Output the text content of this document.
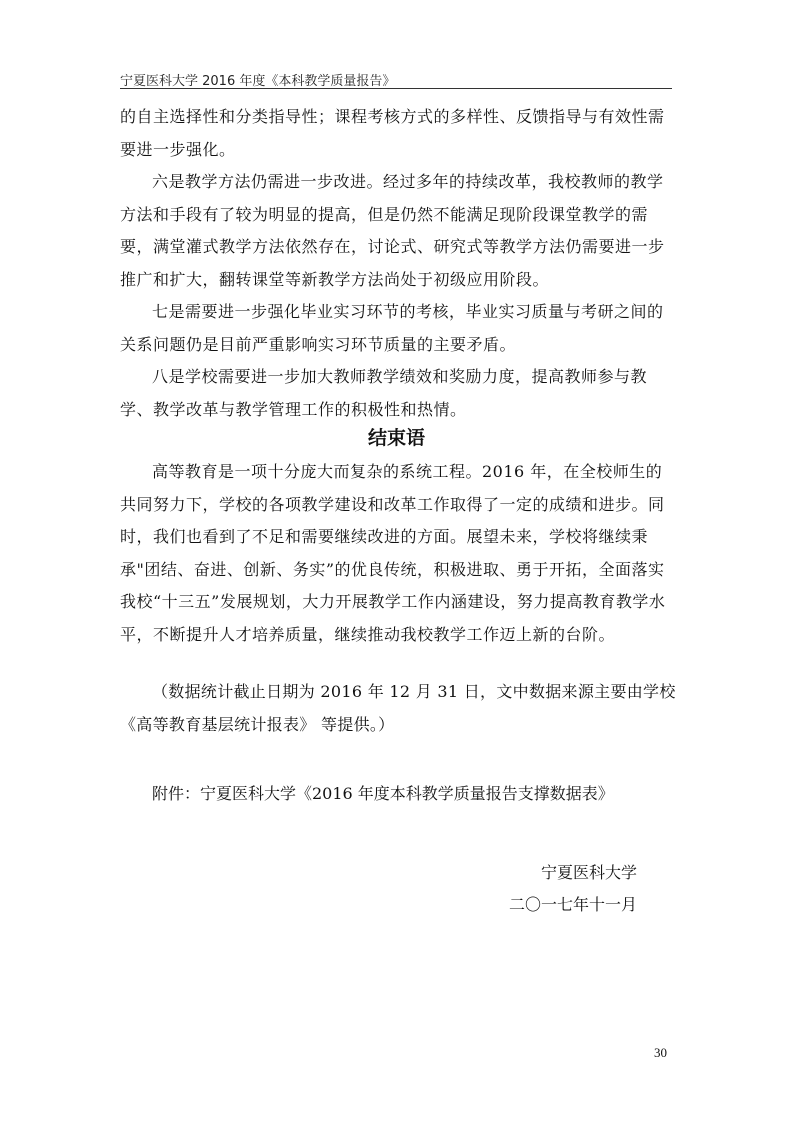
宁夏医科大学 2016 年度《本科教学质量报告》

的自主选择性和分类指导性；课程考核方式的多样性、反馈指导与有效性需要进一步强化。

六是教学方法仍需进一步改进。经过多年的持续改革，我校教师的教学方法和手段有了较为明显的提高，但是仍然不能满足现阶段课堂教学的需要，满堂灌式教学方法依然存在，讨论式、研究式等教学方法仍需要进一步推广和扩大，翻转课堂等新教学方法尚处于初级应用阶段。

七是需要进一步强化毕业实习环节的考核，毕业实习质量与考研之间的关系问题仍是目前严重影响实习环节质量的主要矛盾。

八是学校需要进一步加大教师教学绩效和奖励力度，提高教师参与教学、教学改革与教学管理工作的积极性和热情。

结束语

高等教育是一项十分庞大而复杂的系统工程。2016 年，在全校师生的共同努力下，学校的各项教学建设和改革工作取得了一定的成绩和进步。同时，我们也看到了不足和需要继续改进的方面。展望未来，学校将继续秉承"团结、奋进、创新、务实”的优良传统，积极进取、勇于开拓，全面落实我校“十三五”发展规划，大力开展教学工作内涵建设，努力提高教育教学水平，不断提升人才培养质量，继续推动我校教学工作迈上新的台阶。

（数据统计截止日期为 2016 年 12 月 31 日，文中数据来源主要由学校《高等教育基层统计报表》 等提供。）

附件：宁夏医科大学《2016 年度本科教学质量报告支撑数据表》
宁夏医科大学
二〇一七年十一月
30
